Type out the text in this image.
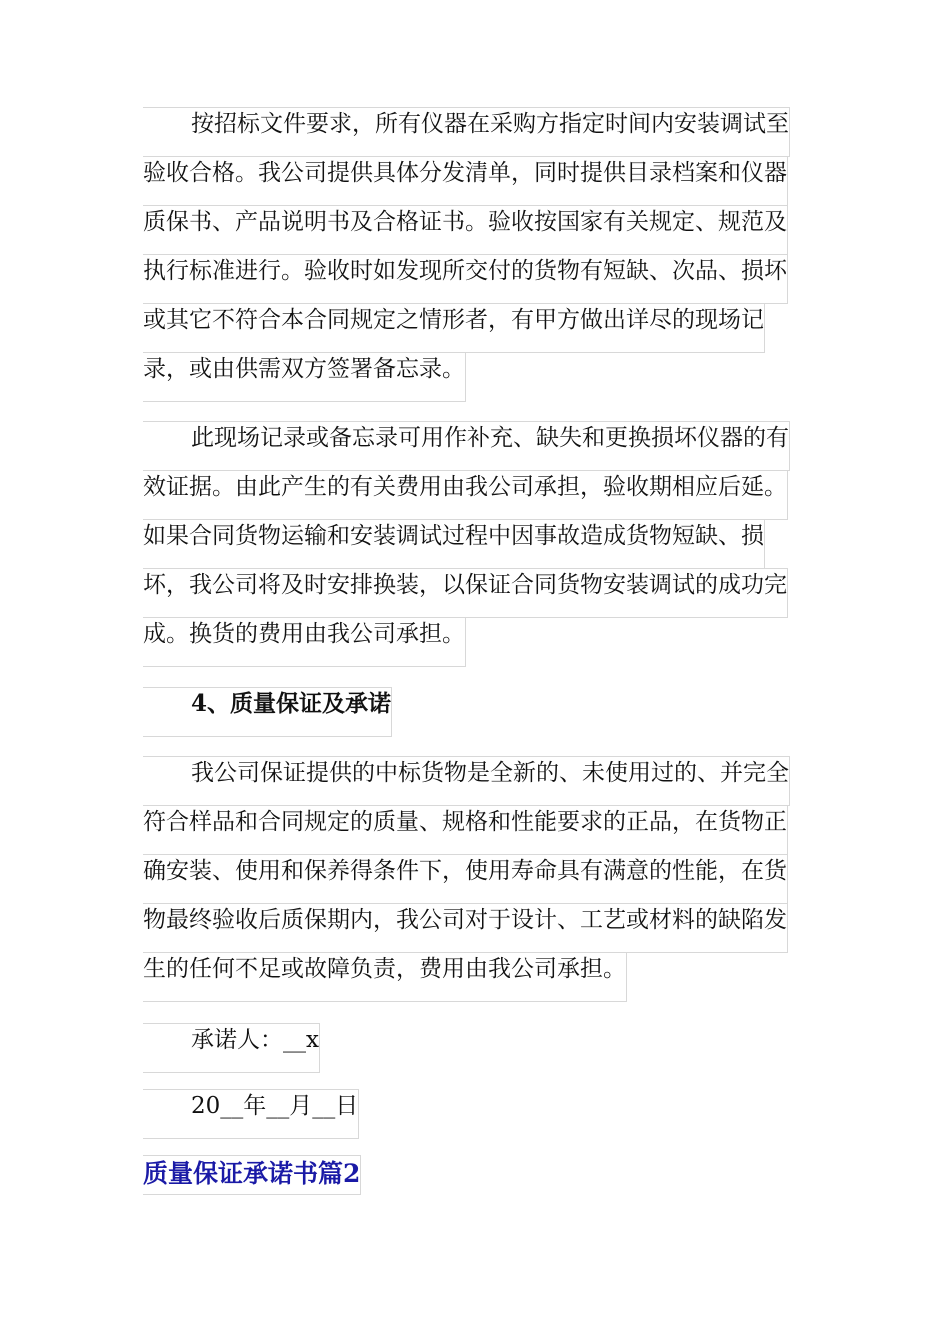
按招标文件要求，所有仪器在采购方指定时间内安装调试至
验收合格。我公司提供具体分发清单，同时提供目录档案和仪器
质保书、产品说明书及合格证书。验收按国家有关规定、规范及
执行标准进行。验收时如发现所交付的货物有短缺、次品、损坏
或其它不符合本合同规定之情形者，有甲方做出详尽的现场记
录，或由供需双方签署备忘录。
此现场记录或备忘录可用作补充、缺失和更换损坏仪器的有
效证据。由此产生的有关费用由我公司承担，验收期相应后延。
如果合同货物运输和安装调试过程中因事故造成货物短缺、损
坏，我公司将及时安排换装，以保证合同货物安装调试的成功完
成。换货的费用由我公司承担。
4、质量保证及承诺
我公司保证提供的中标货物是全新的、未使用过的、并完全
符合样品和合同规定的质量、规格和性能要求的正品，在货物正
确安装、使用和保养得条件下，使用寿命具有满意的性能，在货
物最终验收后质保期内，我公司对于设计、工艺或材料的缺陷发
生的任何不足或故障负责，费用由我公司承担。
承诺人：__x
20__年__月__日
质量保证承诺书篇2
